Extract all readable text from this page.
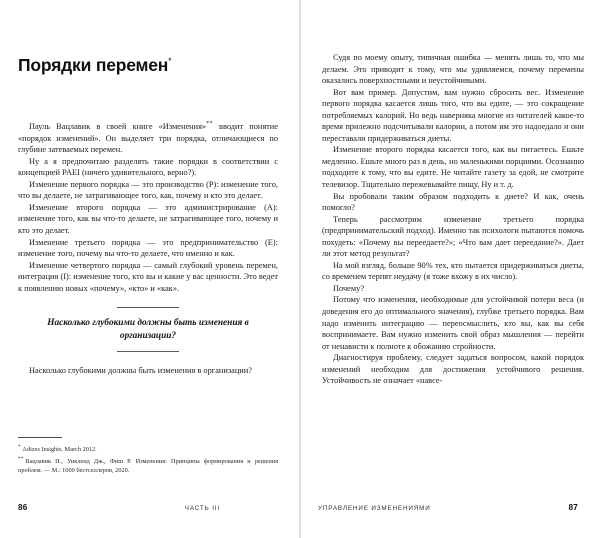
Порядки перемен*

Пауль Вацлавик в своей книге «Изменения»** вводит понятие «порядок изменений». Он выделяет три порядка, отличающиеся по глубине затеваемых перемен.

Ну а я предпочитаю разделять такие порядки в соответствии с концепцией PAEI (ничего удивительного, верно?).

Изменение первого порядка — это производство (Р): изменение того, что вы делаете, не затрагивающее того, как, почему и кто это делает.

Изменение второго порядка — это администрирование (А): изменение того, как вы что-то делаете, не затрагивающее того, почему и кто это делает.

Изменение третьего порядка — это предпринимательство (Е): изменение того, почему вы что-то делаете, что именно и как.

Изменение четвертого порядка — самый глубокий уровень перемен, интеграция (I): изменение того, кто вы и какие у вас ценности. Это ведет к появлению новых «почему», «кто» и «как».

Насколько глубокими должны быть изменения в организации?

Насколько глубокими должны быть изменения в организации?

* Adizes Insights, March 2012.

** Вацлавик П., Уикленд Дж., Фиш Р. Изменения: Принципы формирования и решения проблем. — М.: 1000 бестселлеров, 2020.

86	ЧАСТЬ III

Судя по моему опыту, типичная ошибка — менять лишь то, что мы делаем. Это приводит к тому, что мы удивляемся, почему перемены оказались поверхностными и неустойчивыми.

Вот вам пример. Допустим, вам нужно сбросить вес. Изменение первого порядка касается лишь того, что вы едите, — это сокращение потребляемых калорий. Но ведь наверняка многие из читателей какое-то время прилежно подсчитывали калории, а потом им это надоедало и они переставали придерживаться диеты.

Изменение второго порядка касается того, как вы питаетесь. Ешьте медленно. Ешьте много раз в день, но маленькими порциями. Осознанно подходите к тому, что вы едите. Не читайте газету за едой, не смотрите телевизор. Тщательно пережевывайте пищу. Ну и т. д.

Вы пробовали таким образом подходить к диете? И как, очень помогло?

Теперь рассмотрим изменение третьего порядка (предпринимательский подход). Именно так психологи пытаются помочь похудеть: «Почему вы переедаете?»; «Что вам дает переедание?». Дает ли этот метод результат?

На мой взгляд, больше 90% тех, кто пытается придерживаться диеты, со временем терпят неудачу (я тоже вхожу в их число).

Почему?

Потому что изменения, необходимые для устойчивой потери веса (и доведения его до оптимального значения), глубже третьего порядка. Вам надо изменить интеграцию — переосмыслить, кто вы, как вы себя воспринимаете. Вам нужно изменить свой образ мышления — перейти от ненависти к полноте к обожанию стройности.

Диагностируя проблему, следует задаться вопросом, какой порядок изменений необходим для достижения устойчивого решения. Устойчивость не означает «навсе-

УПРАВЛЕНИЕ ИЗМЕНЕНИЯМИ	87
